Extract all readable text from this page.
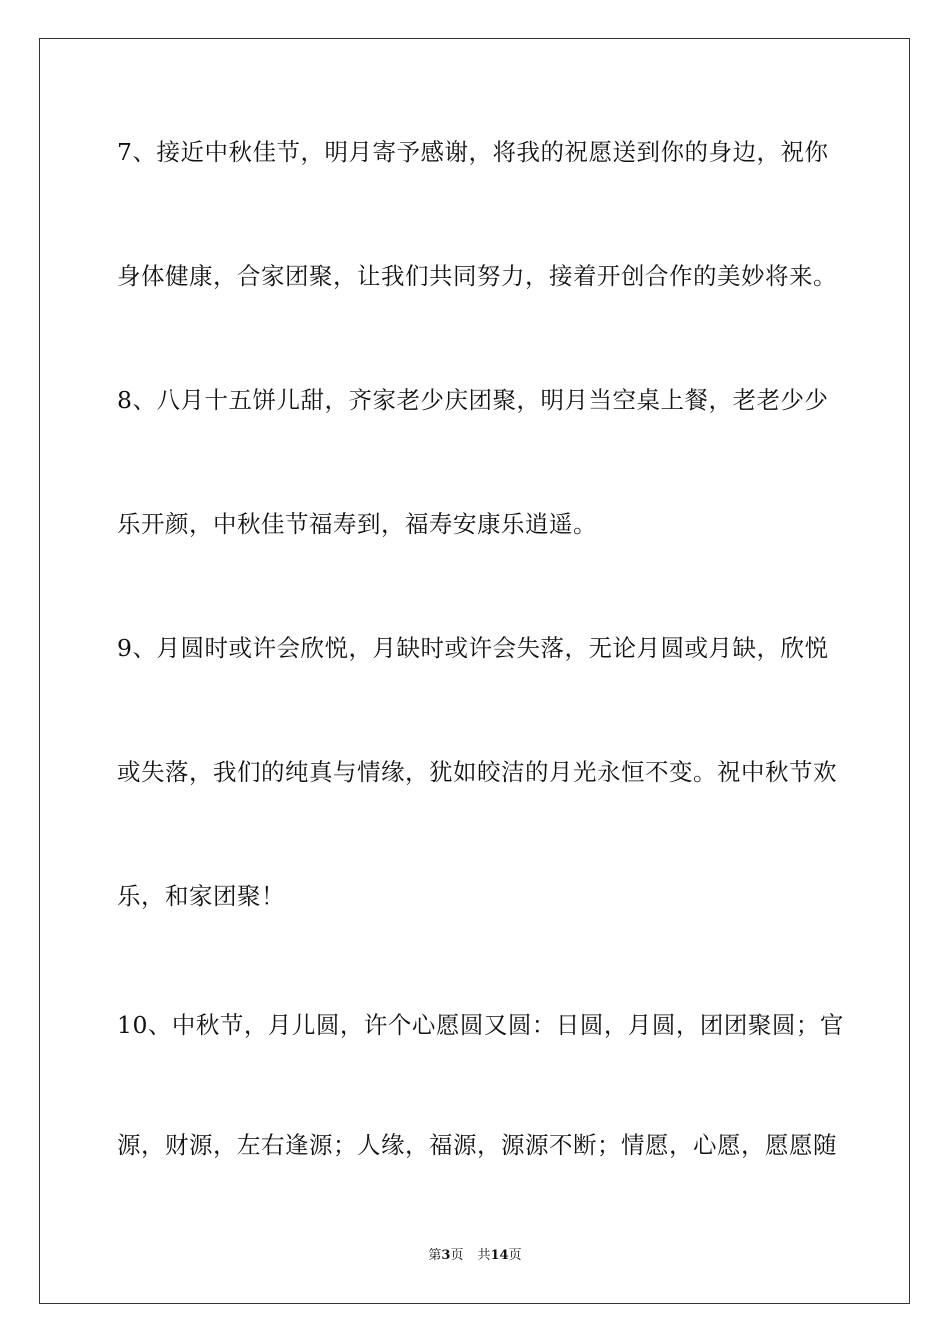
7、接近中秋佳节，明月寄予感谢，将我的祝愿送到你的身边，祝你
身体健康，合家团聚，让我们共同努力，接着开创合作的美妙将来。
8、八月十五饼儿甜，齐家老少庆团聚，明月当空桌上餐，老老少少
乐开颜，中秋佳节福寿到，福寿安康乐逍遥。
9、月圆时或许会欣悦，月缺时或许会失落，无论月圆或月缺，欣悦
或失落，我们的纯真与情缘，犹如皎洁的月光永恒不变。祝中秋节欢
乐，和家团聚！
10、中秋节，月儿圆，许个心愿圆又圆：日圆，月圆，团团聚圆；官
源，财源，左右逢源；人缘，福源，源源不断；情愿，心愿，愿愿随
第3页 共14页
